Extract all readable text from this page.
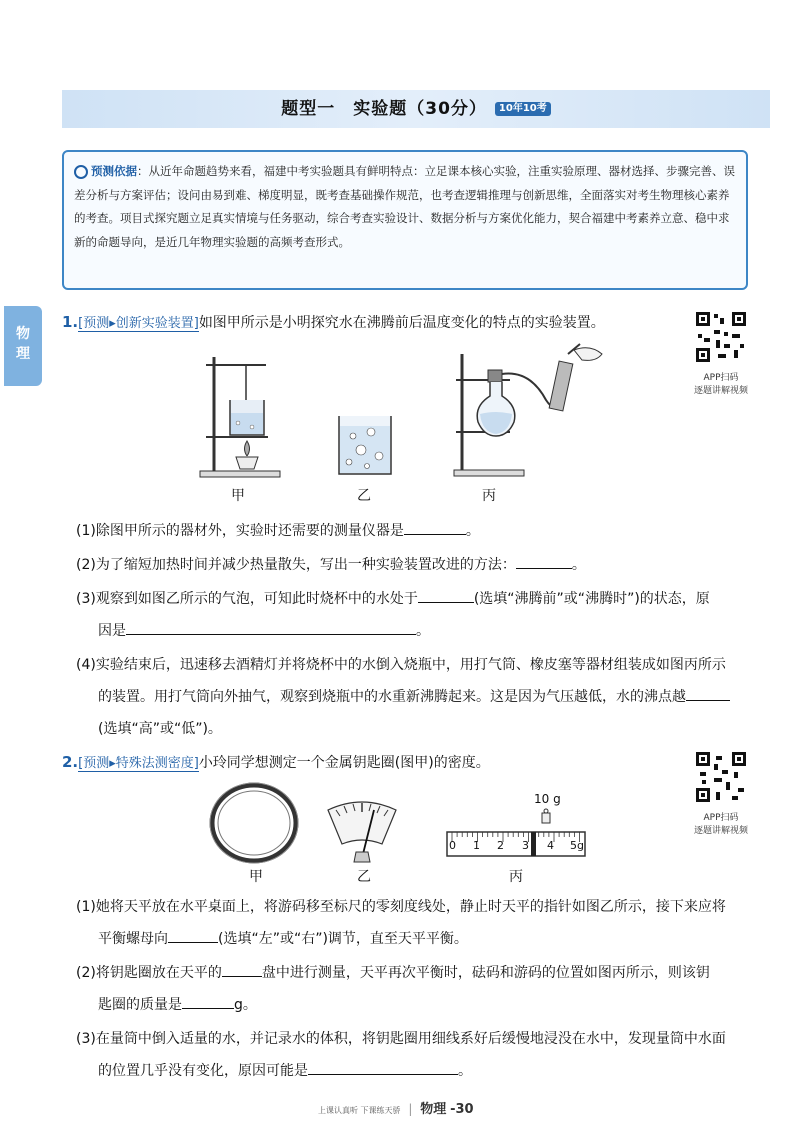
题型一　实验题（30分） 10年10考
预测依据：从近年命题趋势来看，福建中考实验题具有鲜明特点：立足课本核心实验，注重实验原理、器材选择、步骤完善、误差分析与方案评估；设问由易到难、梯度明显，既考查基础操作规范，也考查逻辑推理与创新思维，全面落实对考生物理核心素养的考查。项目式探究题立足真实情境与任务驱动，综合考查实验设计、数据分析与方案优化能力，契合福建中考素养立意、稳中求新的命题导向，是近几年物理实验题的高频考查形式。
物
理
1.[预测▸创新实验装置]如图甲所示是小明探究水在沸腾前后温度变化的特点的实验装置。
APP扫码
逐题讲解视频
甲	乙	丙
(1)除图甲所示的器材外，实验时还需要的测量仪器是	。
(2)为了缩短加热时间并减少热量散失，写出一种实验装置改进的方法：	。
(3)观察到如图乙所示的气泡，可知此时烧杯中的水处于	(选填“沸腾前”或“沸腾时”)的状态，原
因是	。
(4)实验结束后，迅速移去酒精灯并将烧杯中的水倒入烧瓶中，用打气筒、橡皮塞等器材组装成如图丙所示
的装置。用打气筒向外抽气，观察到烧瓶中的水重新沸腾起来。这是因为气压越低，水的沸点越
(选填“高”或“低”)。
2.[预测▸特殊法测密度]小玲同学想测定一个金属钥匙圈(图甲)的密度。
APP扫码
逐题讲解视频
10 g
0 1 2 3 4 5g
甲	乙	丙
(1)她将天平放在水平桌面上，将游码移至标尺的零刻度线处，静止时天平的指针如图乙所示，接下来应将
平衡螺母向	(选填“左”或“右”)调节，直至天平平衡。
(2)将钥匙圈放在天平的	盘中进行测量，天平再次平衡时，砝码和游码的位置如图丙所示，则该钥
匙圈的质量是	g。
(3)在量筒中倒入适量的水，并记录水的体积，将钥匙圈用细线系好后缓慢地浸没在水中，发现量筒中水面
的位置几乎没有变化，原因可能是	。
上课认真听 下课练天骄 | 物理 -30
